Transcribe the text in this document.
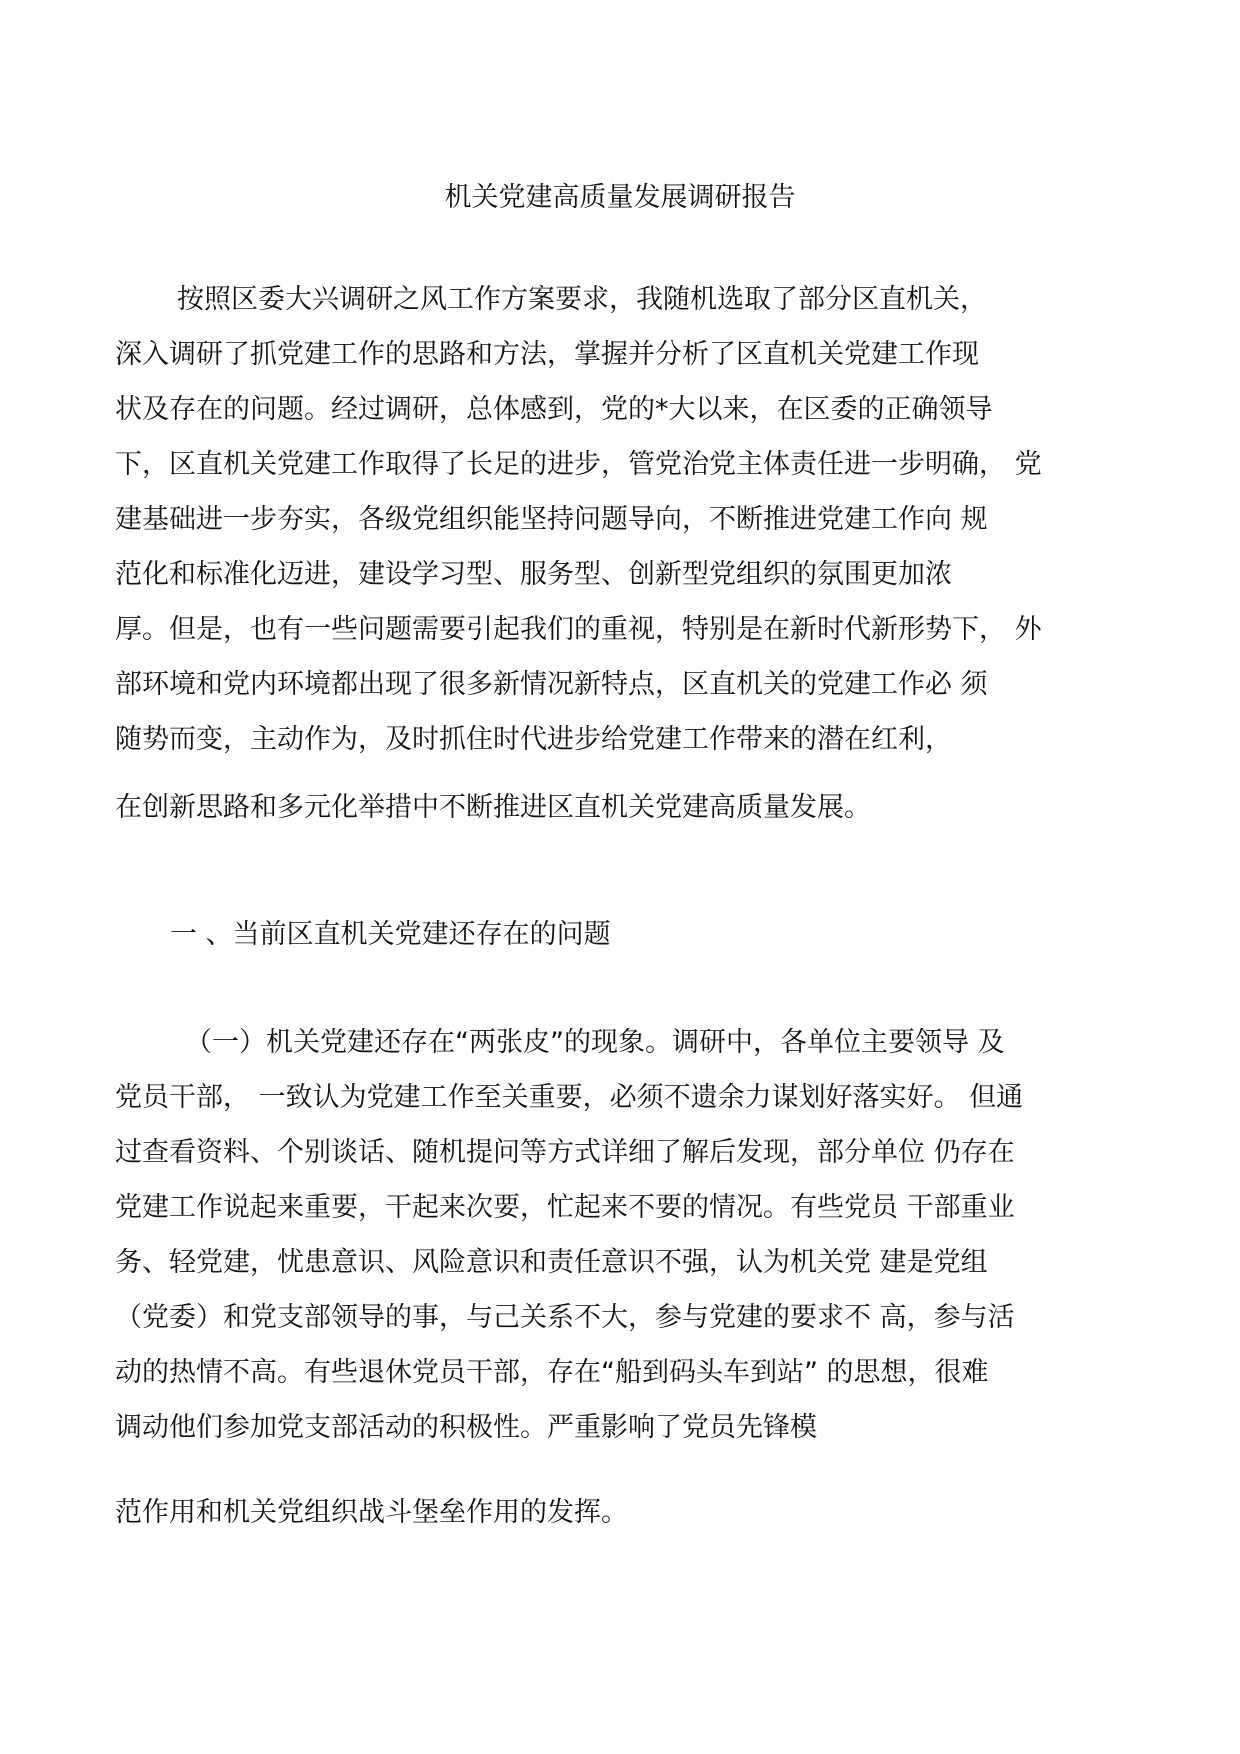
机关党建高质量发展调研报告
按照区委大兴调研之风工作方案要求，我随机选取了部分区直机关，
深入调研了抓党建工作的思路和方法，掌握并分析了区直机关党建工作现
状及存在的问题。经过调研，总体感到，党的*大以来，在区委的正确领导
下，区直机关党建工作取得了长足的进步，管党治党主体责任进一步明确， 党
建基础进一步夯实，各级党组织能坚持问题导向，不断推进党建工作向 规
范化和标准化迈进，建设学习型、服务型、创新型党组织的氛围更加浓
厚。但是，也有一些问题需要引起我们的重视，特别是在新时代新形势下， 外
部环境和党内环境都出现了很多新情况新特点，区直机关的党建工作必 须
随势而变，主动作为，及时抓住时代进步给党建工作带来的潜在红利，
在创新思路和多元化举措中不断推进区直机关党建高质量发展。
一 、当前区直机关党建还存在的问题
（一）机关党建还存在“两张皮”的现象。调研中，各单位主要领导 及
党员干部， 一致认为党建工作至关重要，必须不遗余力谋划好落实好。 但通
过查看资料、个别谈话、随机提问等方式详细了解后发现，部分单位 仍存在
党建工作说起来重要，干起来次要，忙起来不要的情况。有些党员 干部重业
务、轻党建，忧患意识、风险意识和责任意识不强，认为机关党 建是党组
（党委）和党支部领导的事，与己关系不大，参与党建的要求不 高，参与活
动的热情不高。有些退休党员干部，存在“船到码头车到站” 的思想，很难
调动他们参加党支部活动的积极性。严重影响了党员先锋模
范作用和机关党组织战斗堡垒作用的发挥。
